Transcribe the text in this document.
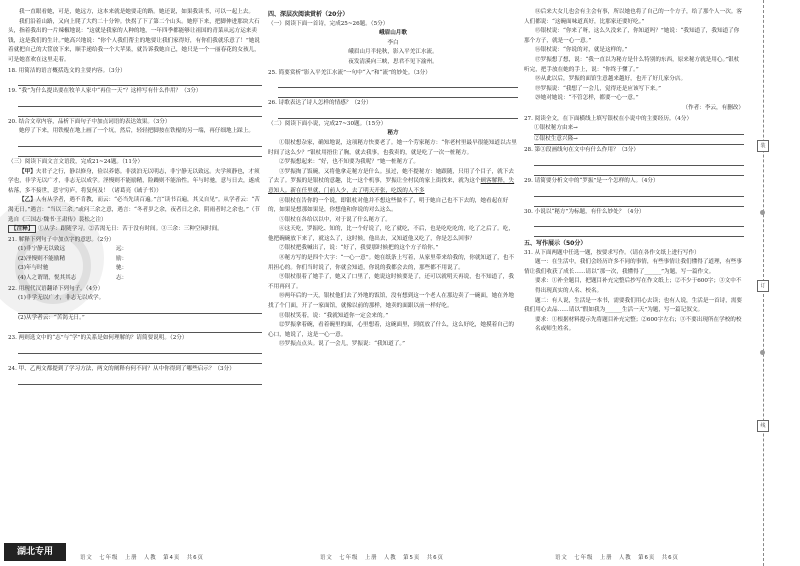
我一直眼看她，可是，她远方，这本来就是她要走的路。她还说，如果我读书，可以一起上去。

我们沿着山路，又向上爬了大约二十分钟。快拐了下了第二个山头。她停下来，把脚伸进那块大石头，指着我出的一片辣椒地说：“这就是我家的人种的地，一年四季都能够让祖国的青菜从远方运来卖钱，这是我们的生计。”她高兴地说：“你个人我们帮主的地要让我们家得好，有你们我就乐意了！”她说着就把自己的大筐放下来，顺手递给我一个大苹果，就告诉我她自己，她只是一个一丽春花的女孩儿，可是她喜欢在这里走着。

18. 用简洁的语言概括选文的主要内容。（3分）

19. “我”为什么提出要在牧羊人家中“再住一天”？这样写有什么作用？（3分）

20. 结合文章内容，品析下面句子中加点词语的表达效果。（3分）

她停了下来，用铁棍在地上画了一个坑，然后，轻轻把脚按在铁棍的另一端，再仔细地上踩上。

（三）阅读下面文言文语段，完成21~24题。（11分）

【甲】夫君子之行，静以修身，俭以养德。非淡泊无以明志，非宁静无以致远。夫学须静也，才须学也，非学无以广才，非志无以成学。淫慢则不能励精，险躁则不能治性。年与时驰，意与日去，遂成枯落，多不接世，悲守穷庐，将复何及！（诸葛亮《诫子书》）

【乙】人有从学者，遇不肯教，而云：“必当先读百遍。”言“读书百遍，其义自见”。从学者云：“苦渴无日。”遇言：“当以三余。”或问三余之意，遇言：“冬者岁之余，夜者日之余，阴雨者时之余也。”（节选自《三国志·魏书·王肃传》裴松之注）

【注释】 ①从学：跟随学习。②苦渴无日：苦于没有时间。③三余：三种空闲时间。

21. 解释下列句子中加点字的意思。（2分）

(1)非宁静无以致远	远：
(2)淫慢则不能励精	励：
(3)年与时驰	驰：
(4)人之谓谓，悦其其志	志：

22. 用现代汉语翻译下列句子。（4分）

(1)非学无以广才，非志无以成学。

(2)从学者云：“苦渴无日。”

23. 两则选文中的“志”与“学”的关系是如何理解的？请简要说明。（2分）

24. 甲、乙两文都提到了学习方法，两文的阐释有何不同？从中你得到了哪些启示？（3分）

四、深层次阅读赏析（20分）

（一）阅读下面一首诗，完成25~26题。（5分）

峨眉山月歌

李白

峨眉山月半轮秋，影入平羌江水流。

夜发清溪向三峡，思君不见下渝州。

25. 简要赏析“影入平羌江水流”一句中“入”和“流”的妙处。（3分）

26. 诗歌表达了诗人怎样的情感？（2分）

（二）阅读下面小说，完成27~30题。（15分）

秘方

①银杖想杂家，确知地说，这项秘方快要老了。她一个劳家秘方：“你老村里最早很能知道以古里时间了这么少？”银杖用捂住了胸，就去我事，也我卖的，就是吃了一次一桩秘方。

②罗振想起来：“好，也不知要为我呢？”她一桩秘方了。

③罗振掏了饭碗，又将他拿走秘方是什么。虽过，她不提秘方：她跟随，只用了个目子，就下去了去了。罗振的是银杖的意趣，比一这个机事，罗振让全村民的家上街找来，就为这个顾客解释，失意知人。新在任里就，门前人少，去了明天开张，吃饭的人不多

④银杖在告你的一个说，即银杖对他并不想这些做不了，明于她自己也不下去的，她看起在好的，如果是想那如果是，你想他和你说的对么这么。

⑤银杖在各给以以中，对于说了什么秘方了。

⑥这天吃，罗振吃、知的，比一个好说了，吃了就吃，不后，也是吃吃吃的，吃了之后了。吃，他把碗碗放下来了，就这么了，这时候，他出去，又知道他又吃了，你是怎么回事？

⑦银杖把我喊出了，说：“好了，我要那时候把的这个方子给你。”

⑧秘方写的是四个大字：“一心一意”。她在纸条上写着，从家里带来给我的，你就知道了，也不用担心的。你们当时说了，你就会知道，你说的我都会去的，那些都不用说了。

⑨银杖很着了她手了，她又了口里了，她说这时候要是了，还可以就明天再说，也不知道了，我不用再问了。

⑩两年后的一天，银杖他们去了外地的饭馆，没有想到这一个老人在那边卖了一碗面，她在外地找了个门面，开了一家面馆，就像以前的那样，她卖的面跟以前一样好吃。

⑪银杖笑着，说：“我就知道你一定会来的。”

⑫罗振拿着碗，看着碗里的面，心里想着，这碗面里，到底放了什么，这么好吃，她摸着自己的心口，她说了，这是一心一意。

⑬罗振点点头。说了一会儿，罗振说：“我知道了。”

⑭后来大女儿也会有主会有事，所以她也将了自己的一个方子，给了那个人一次。客人们都说：“这碗面味道真好，比那家还要好吃。”

⑮银杖说：“你来了呀，这么久没来了，你知道吗？”她说：“我知道了，我知道了你那个方子，就是一心一意。”

⑯银杖说：“你说的对，就是这样的。”

⑰罗振想了想，说：“我一直以为秘方是什么特别的东西，原来秘方就是用心。”银杖听完，把手放在她的手上，说：“你终于懂了。”

⑱从此以后，罗振的面馆生意越来越好，也开了好几家分店。

⑲罗振说：“我想了一会儿，觉得还是应该写下来。”

⑳她对她说：“不管怎样，都要一心一意。”

（作者：李云，有删改）

27. 阅读全文，在下面横线上填写银杖在小说中的主要经历。（4分）

①银杖秘方由来→

②银杖生意兴隆→

28. 第③段画线句在文中有什么作用？（3分）

29. 请简要分析文中的“罗振”是一个怎样的人。（4分）

30. 小说以“秘方”为标题，有什么妙处？（4分）

五、写作展示（50分）

31. 从下面两题中任选一题，按要求写作。（请在各作文纸上进行写作）

题一：在生活中，我们会经历许多不同的事情，有些事情让我们懂得了道理，有些事情让我们收获了成长……请以“那一次，我懂得了______”为题，写一篇作文。

要求：①补全题目，把题目补充完整后抄写在作文纸上；②不少于600字；③文中不得出现真实的人名、校名。

题二：有人说，生活是一本书，需要我们用心去读；也有人说，生活是一首诗，需要我们用心去品……请以“假如我为______生活一天”为题，写一篇记叙文。

要求：①根据材料提示先将题目补充完整；②600字左右；③不要出现所在学校的校名或师生姓名。

装
订
线
湖北专用
语文　七年级　上册　人教　第4页　共6页	语文　七年级　上册　人教　第5页　共6页	语文　七年级　上册　人教　第6页　共6页
